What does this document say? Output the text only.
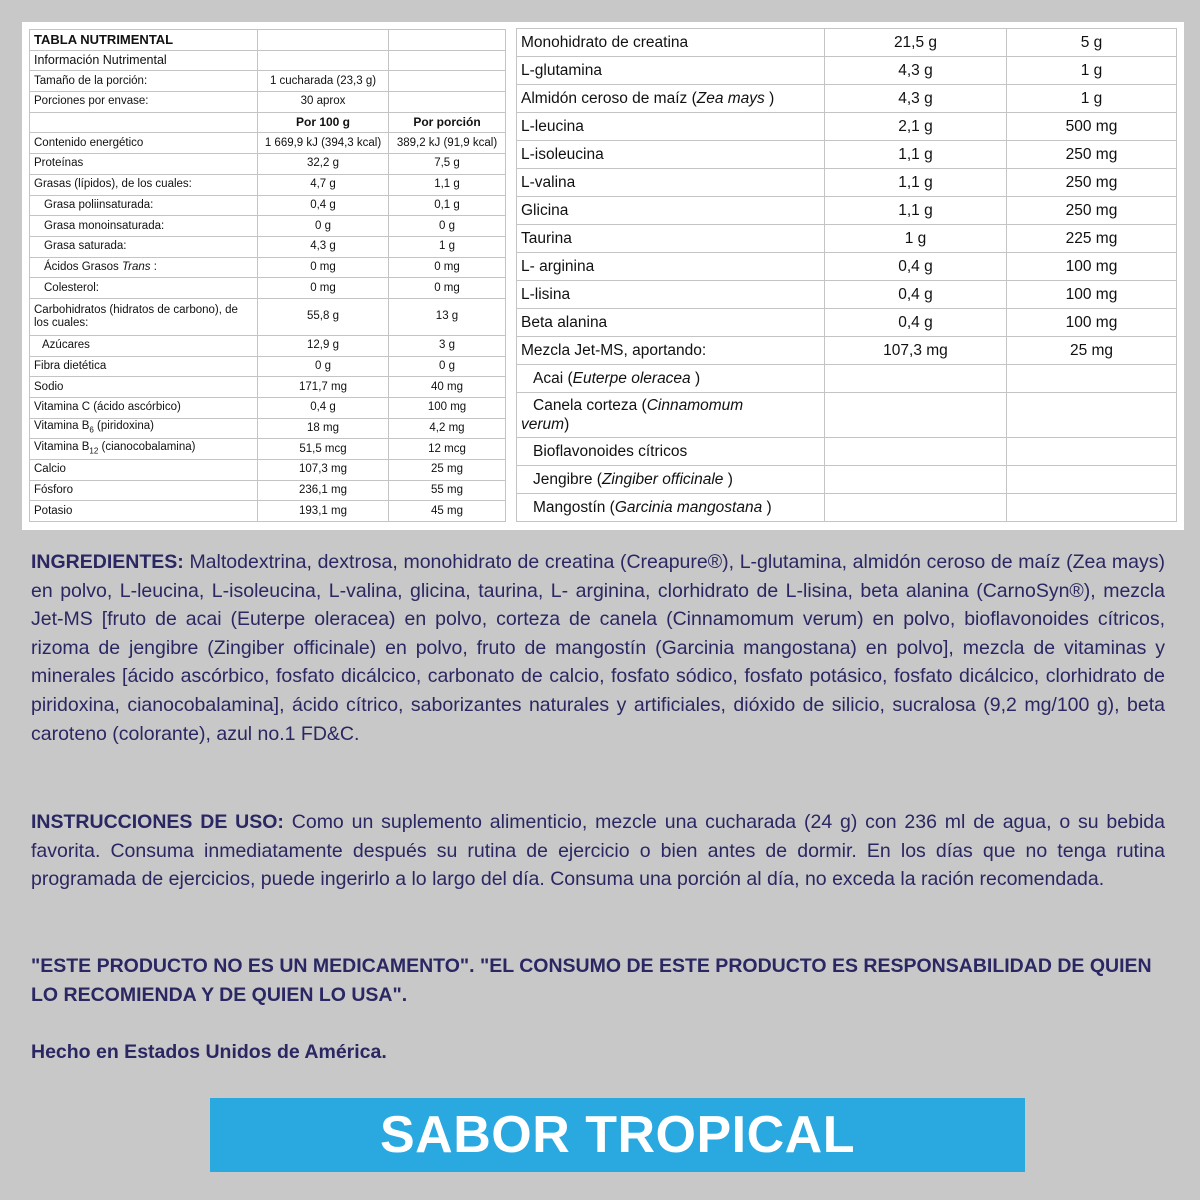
TABLA NUTRIMENTAL		
Información Nutrimental		
Tamaño de la porción:	1 cucharada (23,3 g)	
Porciones por envase:	30 aprox	
	Por 100 g	Por porción
Contenido energético	1 669,9 kJ (394,3 kcal)	389,2 kJ (91,9 kcal)
Proteínas	32,2 g	7,5 g
Grasas (lípidos), de los cuales:	4,7 g	1,1 g
Grasa poliinsaturada:	0,4 g	0,1 g
Grasa monoinsaturada:	0 g	0 g
Grasa saturada:	4,3 g	1 g
Ácidos Grasos Trans :	0 mg	0 mg
Colesterol:	0 mg	0 mg
Carbohidratos (hidratos de carbono), de los cuales:	55,8 g	13 g
Azúcares	12,9 g	3 g
Fibra dietética	0 g	0 g
Sodio	171,7 mg	40 mg
Vitamina C (ácido ascórbico)	0,4 g	100 mg
Vitamina $B_6$ (piridoxina)	18 mg	4,2 mg
Vitamina $B_{12}$ (cianocobalamina)	51,5 mcg	12 mcg
Calcio	107,3 mg	25 mg
Fósforo	236,1 mg	55 mg
Potasio	193,1 mg	45 mg
Monohidrato de creatina	21,5 g	5 g
L-glutamina	4,3 g	1 g
Almidón ceroso de maíz (Zea mays )	4,3 g	1 g
L-leucina	2,1 g	500 mg
L-isoleucina	1,1 g	250 mg
L-valina	1,1 g	250 mg
Glicina	1,1 g	250 mg
Taurina	1 g	225 mg
L- arginina	0,4 g	100 mg
L-lisina	0,4 g	100 mg
Beta alanina	0,4 g	100 mg
Mezcla Jet-MS, aportando:	107,3 mg	25 mg
Acai (Euterpe oleracea )		
Canela corteza (Cinnamomum
verum)		
Bioflavonoides cítricos		
Jengibre (Zingiber officinale )		
Mangostín (Garcinia mangostana )		
INGREDIENTES: Maltodextrina, dextrosa, monohidrato de creatina (Creapure®), L-glutamina, almidón ceroso de maíz (Zea mays) en polvo, L-leucina, L-isoleucina, L-valina, glicina, taurina, L- arginina, clorhidrato de L-lisina, beta alanina (CarnoSyn®), mezcla Jet-MS [fruto de acai (Euterpe oleracea) en polvo, corteza de canela (Cinnamomum verum) en polvo, bioflavonoides cítricos, rizoma de jengibre (Zingiber officinale) en polvo, fruto de mangostín (Garcinia mangostana) en polvo], mezcla de vitaminas y minerales [ácido ascórbico, fosfato dicálcico, carbonato de calcio, fosfato sódico, fosfato potásico, fosfato dicálcico, clorhidrato de piridoxina, cianocobalamina], ácido cítrico, saborizantes naturales y artificiales, dióxido de silicio, sucralosa (9,2 mg/100 g), beta caroteno (colorante), azul no.1 FD&C.
INSTRUCCIONES DE USO: Como un suplemento alimenticio, mezcle una cucharada (24 g) con 236 ml de agua, o su bebida favorita. Consuma inmediatamente después su rutina de ejercicio o bien antes de dormir. En los días que no tenga rutina programada de ejercicios, puede ingerirlo a lo largo del día. Consuma una porción al día, no exceda la ración recomendada.
"ESTE PRODUCTO NO ES UN MEDICAMENTO". "EL CONSUMO DE ESTE PRODUCTO ES RESPONSABILIDAD DE QUIEN LO RECOMIENDA Y DE QUIEN LO USA".
Hecho en Estados Unidos de América.
SABOR TROPICAL
